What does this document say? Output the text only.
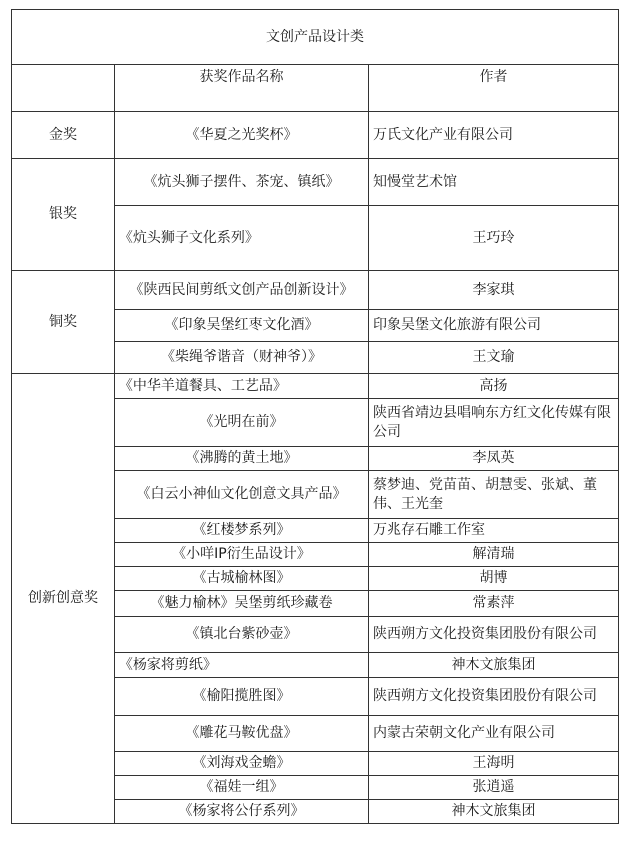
文创产品设计类		
	获奖作品名称	作者
金奖	《华夏之光奖杯》	万氏文化产业有限公司
银奖	《炕头狮子摆件、茶宠、镇纸》	知慢堂艺术馆
	《炕头狮子文化系列》	王巧玲
铜奖	《陕西民间剪纸文创产品创新设计》	李家琪
	《印象吴堡红枣文化酒》	印象吴堡文化旅游有限公司
	《柴绳爷谐音（财神爷）》	王文瑜
创新创意奖	《中华羊道餐具、工艺品》	高扬
	《光明在前》	陕西省靖边县唱响东方红文化传媒有限公司
	《沸腾的黄土地》	李凤英
	《白云小神仙文化创意文具产品》	蔡梦迪、党苗苗、胡慧雯、张斌、董伟、王光奎
	《红楼梦系列》	万兆存石雕工作室
	《小咩IP衍生品设计》	解清瑞
	《古城榆林图》	胡博
	《魅力榆林》吴堡剪纸珍藏卷	常素萍
	《镇北台紫砂壶》	陕西朔方文化投资集团股份有限公司
	《杨家将剪纸》	神木文旅集团
	《榆阳揽胜图》	陕西朔方文化投资集团股份有限公司
	《雕花马鞍优盘》	内蒙古荣朝文化产业有限公司
	《刘海戏金蟾》	王海明
	《福娃一组》	张逍遥
	《杨家将公仔系列》	神木文旅集团
